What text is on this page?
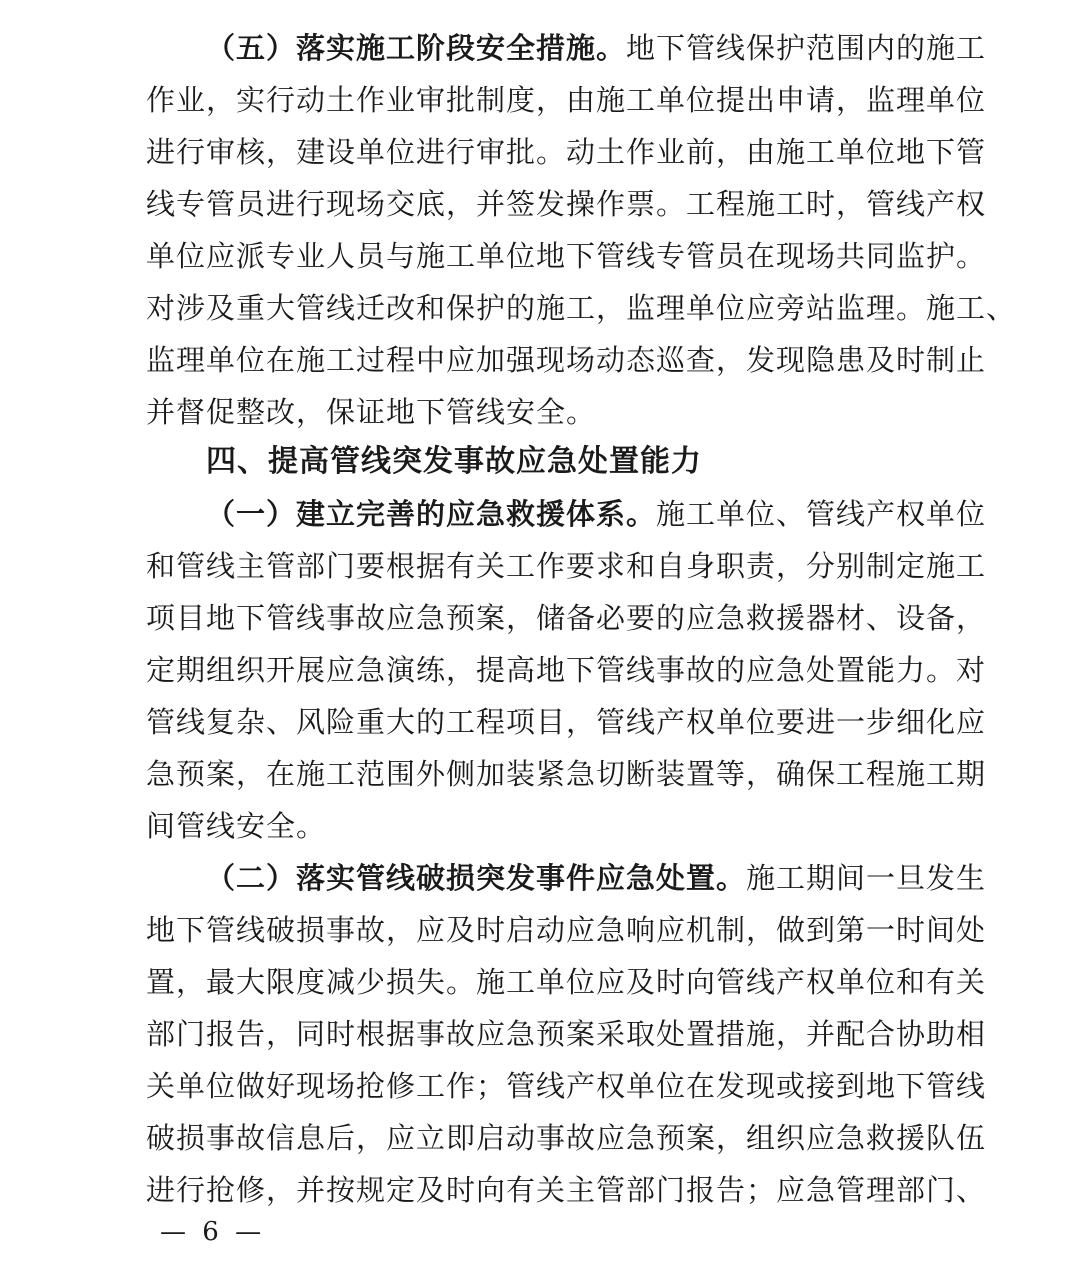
（五）落实施工阶段安全措施。地下管线保护范围内的施工
作业，实行动土作业审批制度，由施工单位提出申请，监理单位
进行审核，建设单位进行审批。动土作业前，由施工单位地下管
线专管员进行现场交底，并签发操作票。工程施工时，管线产权
单位应派专业人员与施工单位地下管线专管员在现场共同监护。
对涉及重大管线迁改和保护的施工，监理单位应旁站监理。施工、
监理单位在施工过程中应加强现场动态巡查，发现隐患及时制止
并督促整改，保证地下管线安全。
四、提高管线突发事故应急处置能力
（一）建立完善的应急救援体系。施工单位、管线产权单位
和管线主管部门要根据有关工作要求和自身职责，分别制定施工
项目地下管线事故应急预案，储备必要的应急救援器材、设备，
定期组织开展应急演练，提高地下管线事故的应急处置能力。对
管线复杂、风险重大的工程项目，管线产权单位要进一步细化应
急预案，在施工范围外侧加装紧急切断装置等，确保工程施工期
间管线安全。
（二）落实管线破损突发事件应急处置。施工期间一旦发生
地下管线破损事故，应及时启动应急响应机制，做到第一时间处
置，最大限度减少损失。施工单位应及时向管线产权单位和有关
部门报告，同时根据事故应急预案采取处置措施，并配合协助相
关单位做好现场抢修工作；管线产权单位在发现或接到地下管线
破损事故信息后，应立即启动事故应急预案，组织应急救援队伍
进行抢修，并按规定及时向有关主管部门报告；应急管理部门、
— 6 —
